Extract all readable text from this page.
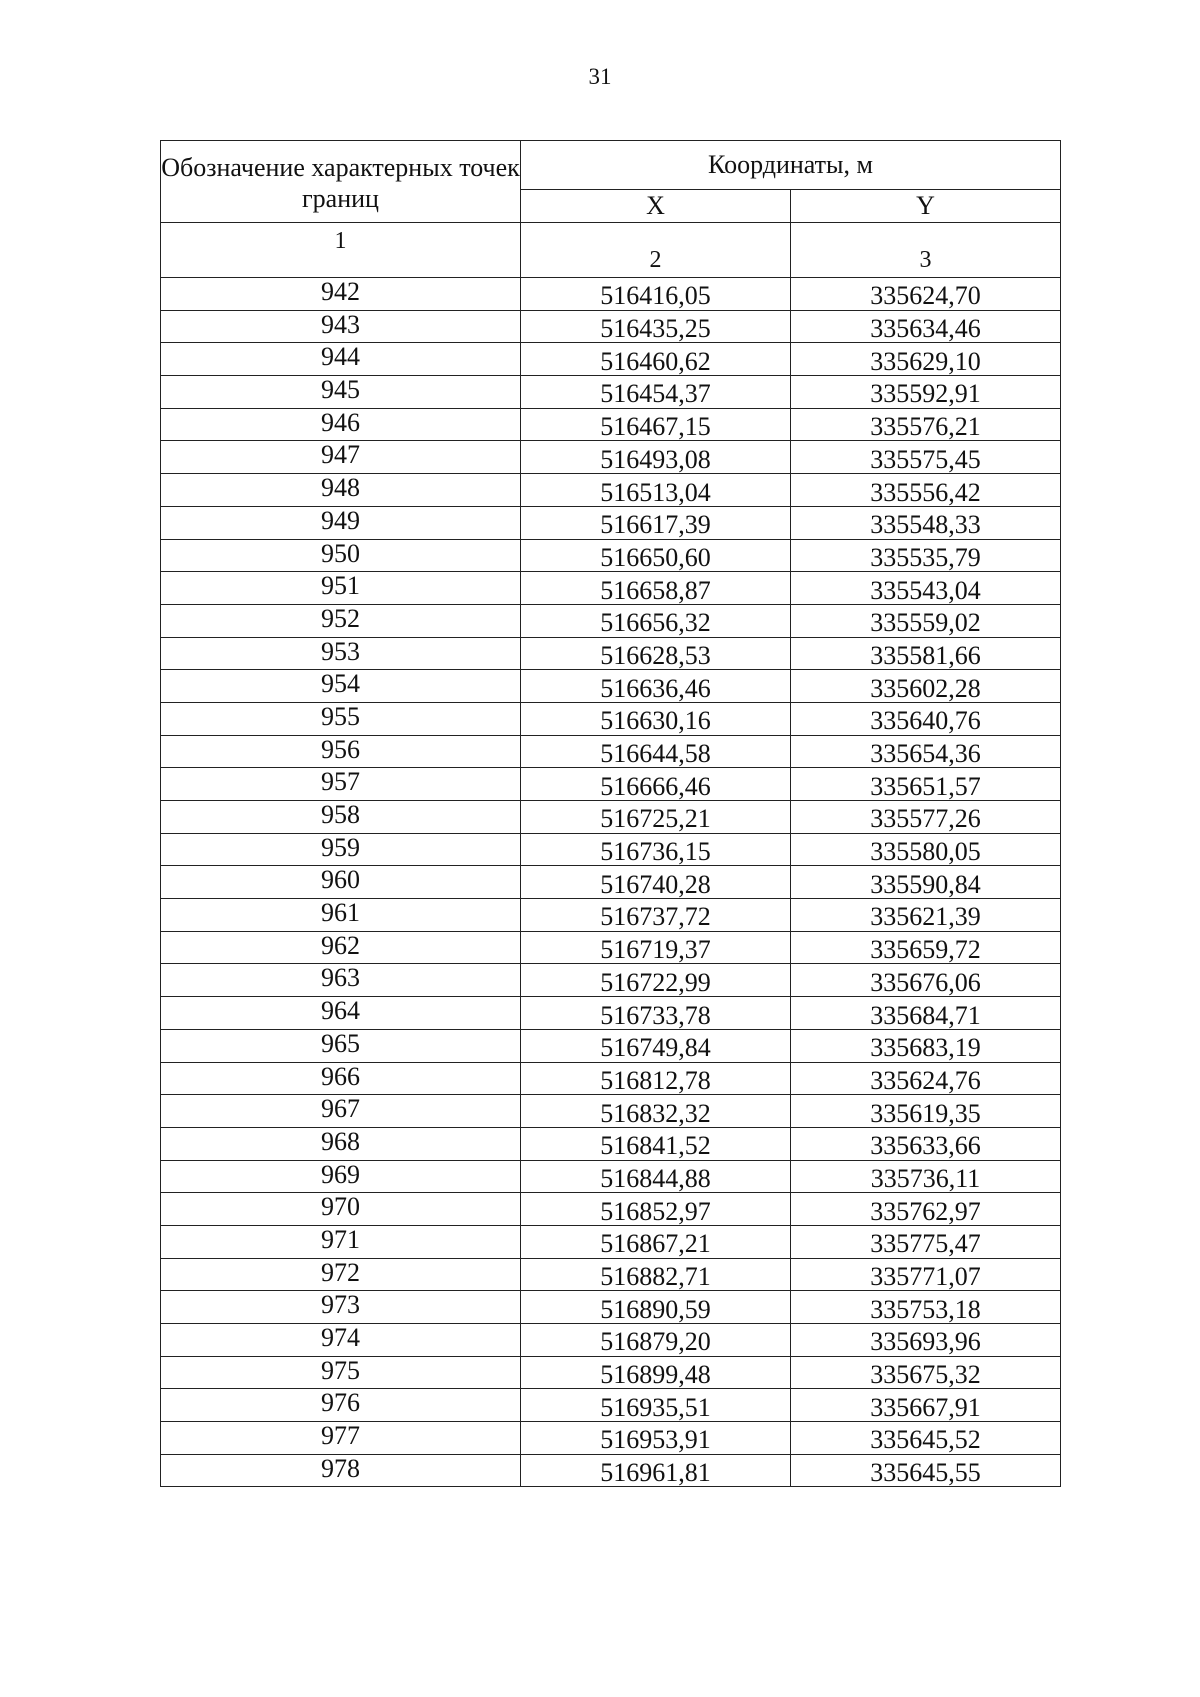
31
Обозначение характерных точек границ	Координаты, м	
	X	Y
1	2	3
942	516416,05	335624,70
943	516435,25	335634,46
944	516460,62	335629,10
945	516454,37	335592,91
946	516467,15	335576,21
947	516493,08	335575,45
948	516513,04	335556,42
949	516617,39	335548,33
950	516650,60	335535,79
951	516658,87	335543,04
952	516656,32	335559,02
953	516628,53	335581,66
954	516636,46	335602,28
955	516630,16	335640,76
956	516644,58	335654,36
957	516666,46	335651,57
958	516725,21	335577,26
959	516736,15	335580,05
960	516740,28	335590,84
961	516737,72	335621,39
962	516719,37	335659,72
963	516722,99	335676,06
964	516733,78	335684,71
965	516749,84	335683,19
966	516812,78	335624,76
967	516832,32	335619,35
968	516841,52	335633,66
969	516844,88	335736,11
970	516852,97	335762,97
971	516867,21	335775,47
972	516882,71	335771,07
973	516890,59	335753,18
974	516879,20	335693,96
975	516899,48	335675,32
976	516935,51	335667,91
977	516953,91	335645,52
978	516961,81	335645,55
